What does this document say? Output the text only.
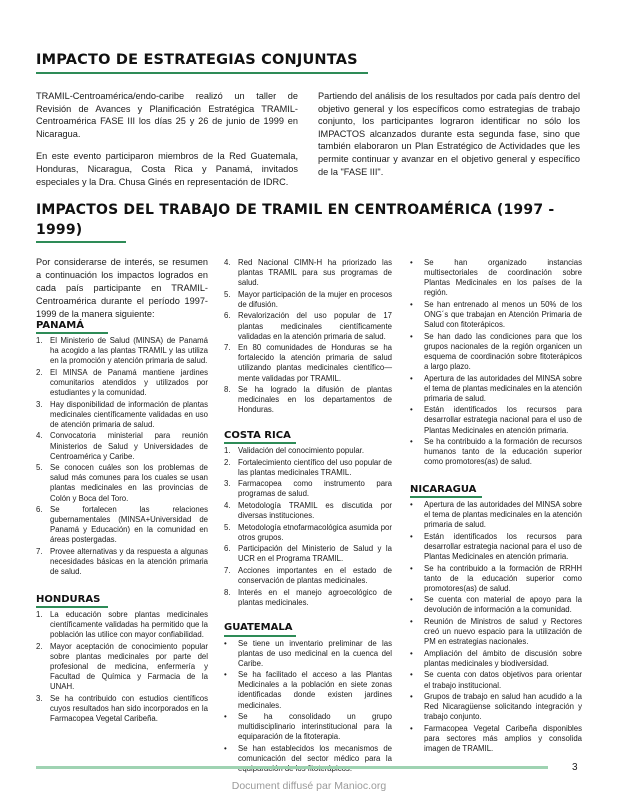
IMPACTO DE ESTRATEGIAS CONJUNTAS

TRAMIL-Centroamérica/endo-caribe realizó un taller de Revisión de Avances y Planificación Estratégica TRAMIL-Centroamérica FASE III los días 25 y 26 de junio de 1999 en Nicaragua.

En este evento participaron miembros de la Red Guatemala, Honduras, Nicaragua, Costa Rica y Panamá, invitados especiales y la Dra. Chusa Ginés en representación de IDRC.

Partiendo del análisis de los resultados por cada país dentro del objetivo general y los específicos como estrategias de trabajo conjunto, los participantes lograron identificar no sólo los IMPACTOS alcanzados durante esta segunda fase, sino que también elaboraron un Plan Estratégico de Actividades que les permite continuar y avanzar en el objetivo general y específico de la "FASE III".

IMPACTOS DEL TRABAJO DE TRAMIL EN CENTROAMÉRICA (1997 - 1999)

Por considerarse de interés, se resumen a continuación los impactos logrados en cada país participante en TRAMIL-Centroamérica durante el período 1997-1999 de la manera siguiente:

PANAMÁ
1. El Ministerio de Salud (MINSA) de Panamá ha acogido a las plantas TRAMIL y las utiliza en la promoción y atención primaria de salud.
2. El MINSA de Panamá mantiene jardines comunitarios atendidos y utilizados por estudiantes y la comunidad.
3. Hay disponibilidad de información de plantas medicinales científicamente validadas en uso de atención primaria de salud.
4. Convocatoria ministerial para reunión Ministerios de Salud y Universidades de Centroamérica y Caribe.
5. Se conocen cuáles son los problemas de salud más comunes para los cuales se usan plantas medicinales en las provincias de Colón y Boca del Toro.
6. Se fortalecen las relaciones gubernamentales (MINSA+Universidad de Panamá y Educación) en la comunidad en áreas postergadas.
7. Provee alternativas y da respuesta a algunas necesidades básicas en la atención primaria de salud.
HONDURAS
1. La educación sobre plantas medicinales científicamente validadas ha permitido que la población las utilice con mayor confiabilidad.
2. Mayor aceptación de conocimiento popular sobre plantas medicinales por parte del profesional de medicina, enfermería y Facultad de Química y Farmacia de la UNAH.
3. Se ha contribuido con estudios científicos cuyos resultados han sido incorporados en la Farmacopea Vegetal Caribeña.
4. Red Nacional CIMN-H ha priorizado las plantas TRAMIL para sus programas de salud.
5. Mayor participación de la mujer en procesos de difusión.
6. Revalorización del uso popular de 17 plantas medicinales científicamente validadas en la atención primaria de salud.
7. En 80 comunidades de Honduras se ha fortalecido la atención primaria de salud utilizando plantas medicinales científico—mente validadas por TRAMIL.
8. Se ha logrado la difusión de plantas medicinales en los departamentos de Honduras.
COSTA RICA
1. Validación del conocimiento popular.
2. Fortalecimiento científico del uso popular de las plantas medicinales TRAMIL.
3. Farmacopea como instrumento para programas de salud.
4. Metodología TRAMIL es discutida por diversas instituciones.
5. Metodología etnofarmacológica asumida por otros grupos.
6. Participación del Ministerio de Salud y la UCR en el Programa TRAMIL.
7. Acciones importantes en el estado de conservación de plantas medicinales.
8. Interés en el manejo agroecológico de plantas medicinales.
GUATEMALA
• Se tiene un inventario preliminar de las plantas de uso medicinal en la cuenca del Caribe.
• Se ha facilitado el acceso a las Plantas Medicinales a la población en siete zonas identificadas donde existen jardines medicinales.
• Se ha consolidado un grupo multidisciplinario interinstitucional para la equiparación de la fitoterapia.
• Se han establecidos los mecanismos de comunicación del sector médico para la
• Se han organizado instancias multisectoriales de coordinación sobre Plantas Medicinales en los países de la región.
• Se han entrenado al menos un 50% de los ONG´s que trabajan en Atención Primaria de Salud con fitoterápicos.
• Se han dado las condiciones para que los grupos nacionales de la región organicen un esquema de coordinación sobre fitoterápicos a largo plazo.
• Apertura de las autoridades del MINSA sobre el tema de plantas medicinales en la atención primaria de salud.
• Están identificados los recursos para desarrollar estrategia nacional para el uso de Plantas Medicinales en atención primaria.
• Se ha contribuido a la formación de recursos humanos tanto de la educación superior como promotores(as) de salud.
NICARAGUA
• Apertura de las autoridades del MINSA sobre el tema de plantas medicinales en la atención primaria de salud.
• Están identificados los recursos para desarrollar estrategia nacional para el uso de Plantas Medicinales en atención primaria.
• Se ha contribuido a la formación de RRHH tanto de la educación superior como promotores(as) de salud.
• Se cuenta con material de apoyo para la devolución de información a la comunidad.
• Reunión de Ministros de salud y Rectores creó un nuevo espacio para la utilización de PM en estrategias nacionales.
• Ampliación del ámbito de discusión sobre plantas medicinales y biodiversidad.
• Se cuenta con datos objetivos para orientar el trabajo institucional.
• Grupos de trabajo en salud han acudido a la Red Nicaragüense solicitando integración y trabajo conjunto.
• Farmacopea Vegetal Caribeña disponibles para sectores más amplios y consolida imagen de TRAMIL.
3
Document diffusé par Manioc.org
